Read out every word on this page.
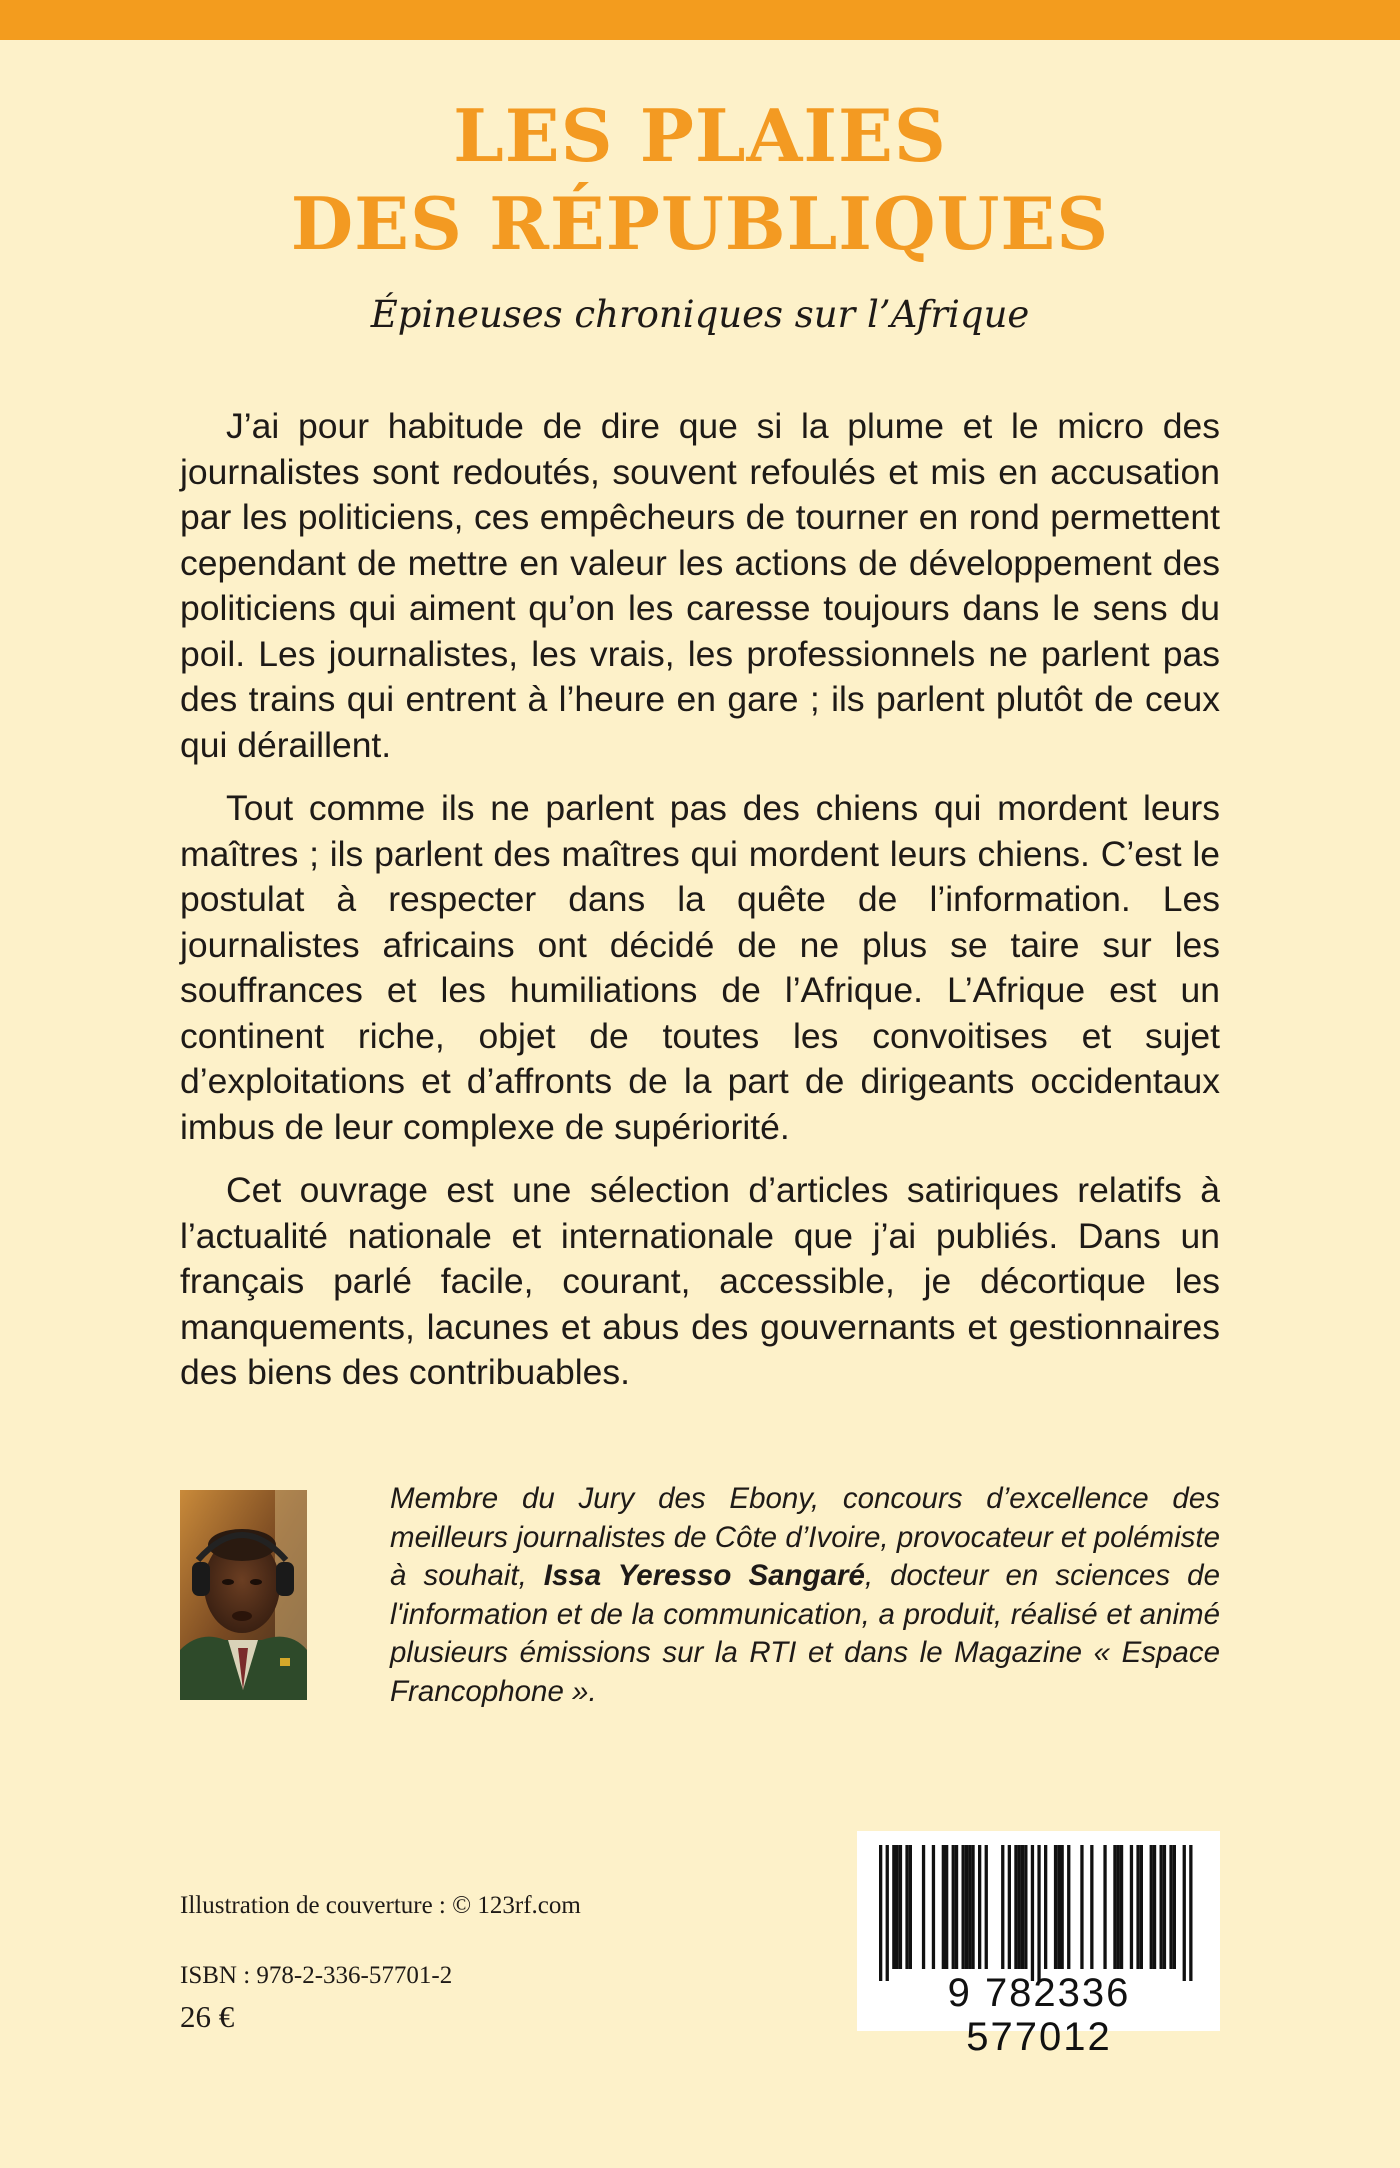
LES PLAIES
DES RÉPUBLIQUES
Épineuses chroniques sur l’Afrique

J’ai pour habitude de dire que si la plume et le micro des journalistes sont redoutés, souvent refoulés et mis en accusation par les politiciens, ces empêcheurs de tourner en rond permettent cependant de mettre en valeur les actions de développement des politiciens qui aiment qu’on les caresse toujours dans le sens du poil. Les journalistes, les vrais, les professionnels ne parlent pas des trains qui entrent à l’heure en gare ; ils parlent plutôt de ceux qui déraillent.

Tout comme ils ne parlent pas des chiens qui mordent leurs maîtres ; ils parlent des maîtres qui mordent leurs chiens. C’est le postulat à respecter dans la quête de l’information. Les journalistes africains ont décidé de ne plus se taire sur les souffrances et les humiliations de l’Afrique. L’Afrique est un continent riche, objet de toutes les convoitises et sujet d’exploitations et d’affronts de la part de dirigeants occidentaux imbus de leur complexe de supériorité.

Cet ouvrage est une sélection d’articles satiriques relatifs à l’actualité nationale et internationale que j’ai publiés. Dans un français parlé facile, courant, accessible, je décortique les manquements, lacunes et abus des gouvernants et gestionnaires des biens des contribuables.

Membre du Jury des Ebony, concours d’excellence des meilleurs journalistes de Côte d’Ivoire, provocateur et polémiste à souhait, Issa Yeresso Sangaré, docteur en sciences de l'information et de la communication, a produit, réalisé et animé plusieurs émissions sur la RTI et dans le Magazine « Espace Francophone ».
Illustration de couverture : © 123rf.com
ISBN : 978-2-336-57701-2
26 €
9 782336 577012
